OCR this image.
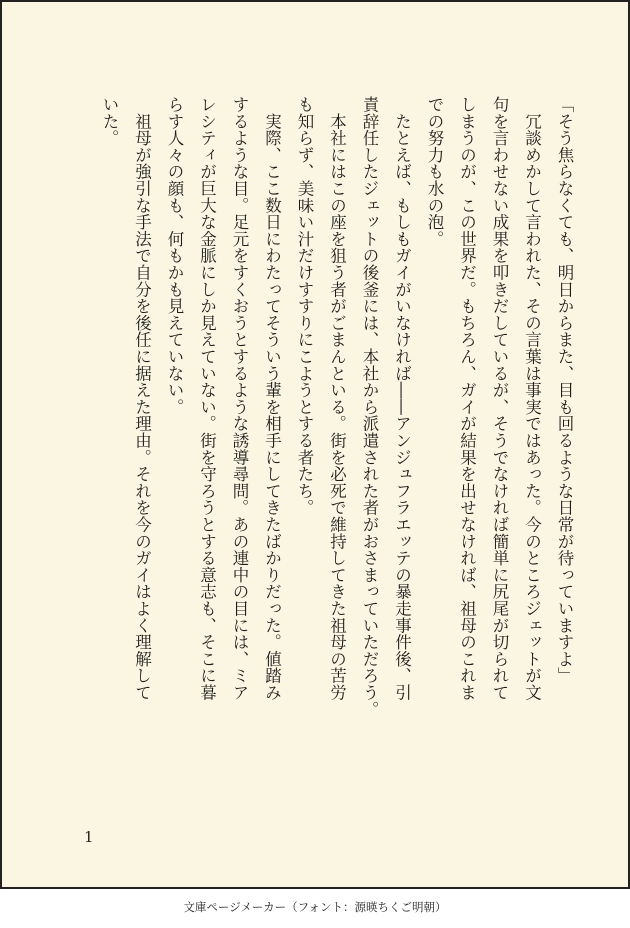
「そう焦らなくても、明日からまた、目も回るような日常が待っていますよ」
　冗談めかして言われた、その言葉は事実ではあった。今のところジェットが文
句を言わせない成果を叩きだしているが、そうでなければ簡単に尻尾が切られて
しまうのが、この世界だ。もちろん、ガイが結果を出せなければ、祖母のこれま
での努力も水の泡。
　たとえば、もしもガイがいなければ――アンジュフラエッテの暴走事件後、引
責辞任したジェットの後釜には、本社から派遣された者がおさまっていただろう。
　本社にはこの座を狙う者がごまんといる。街を必死で維持してきた祖母の苦労
も知らず、美味い汁だけすすりにこようとする者たち。
　実際、ここ数日にわたってそういう輩を相手にしてきたばかりだった。値踏み
するような目。足元をすくおうとするような誘導尋問。あの連中の目には、ミア
レシティが巨大な金脈にしか見えていない。街を守ろうとする意志も、そこに暮
らす人々の顔も、何もかも見えていない。
　祖母が強引な手法で自分を後任に据えた理由。それを今のガイはよく理解して
いた。
1
文庫ページメーカー（フォント：源暎ちくご明朝）
